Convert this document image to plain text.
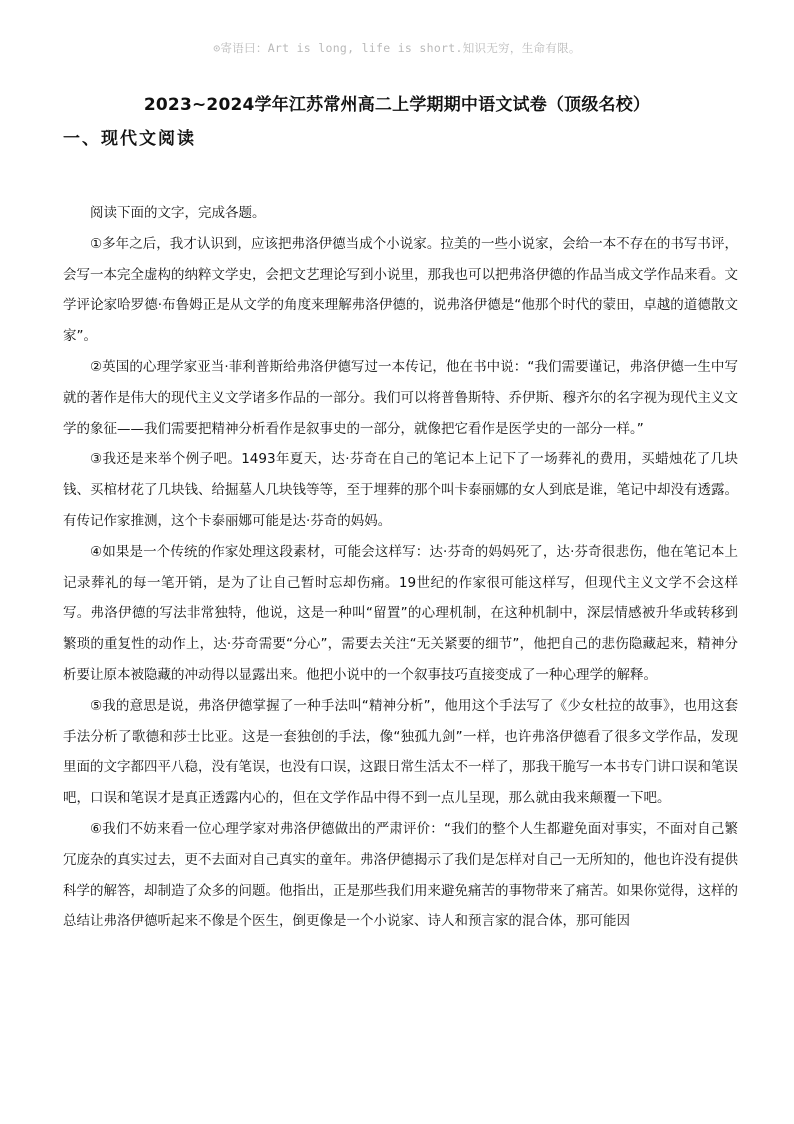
⊙寄语曰：Art is long, life is short.知识无穷，生命有限。
2023~2024学年江苏常州高二上学期期中语文试卷（顶级名校）
一、现代文阅读

阅读下面的文字，完成各题。

①多年之后，我才认识到，应该把弗洛伊德当成个小说家。拉美的一些小说家，会给一本不存在的书写书评，会写一本完全虚构的纳粹文学史，会把文艺理论写到小说里，那我也可以把弗洛伊德的作品当成文学作品来看。文学评论家哈罗德·布鲁姆正是从文学的角度来理解弗洛伊德的，说弗洛伊德是“他那个时代的蒙田，卓越的道德散文家”。

②英国的心理学家亚当·菲利普斯给弗洛伊德写过一本传记，他在书中说：“我们需要谨记，弗洛伊德一生中写就的著作是伟大的现代主义文学诸多作品的一部分。我们可以将普鲁斯特、乔伊斯、穆齐尔的名字视为现代主义文学的象征——我们需要把精神分析看作是叙事史的一部分，就像把它看作是医学史的一部分一样。”

③我还是来举个例子吧。1493年夏天，达·芬奇在自己的笔记本上记下了一场葬礼的费用，买蜡烛花了几块钱、买棺材花了几块钱、给掘墓人几块钱等等，至于埋葬的那个叫卡泰丽娜的女人到底是谁，笔记中却没有透露。有传记作家推测，这个卡泰丽娜可能是达·芬奇的妈妈。

④如果是一个传统的作家处理这段素材，可能会这样写：达·芬奇的妈妈死了，达·芬奇很悲伤，他在笔记本上记录葬礼的每一笔开销，是为了让自己暂时忘却伤痛。19世纪的作家很可能这样写，但现代主义文学不会这样写。弗洛伊德的写法非常独特，他说，这是一种叫“留置”的心理机制，在这种机制中，深层情感被升华或转移到繁琐的重复性的动作上，达·芬奇需要“分心”，需要去关注“无关紧要的细节”，他把自己的悲伤隐藏起来，精神分析要让原本被隐藏的冲动得以显露出来。他把小说中的一个叙事技巧直接变成了一种心理学的解释。

⑤我的意思是说，弗洛伊德掌握了一种手法叫“精神分析”，他用这个手法写了《少女杜拉的故事》，也用这套手法分析了歌德和莎士比亚。这是一套独创的手法，像“独孤九剑”一样，也许弗洛伊德看了很多文学作品，发现里面的文字都四平八稳，没有笔误，也没有口误，这跟日常生活太不一样了，那我干脆写一本书专门讲口误和笔误吧，口误和笔误才是真正透露内心的，但在文学作品中得不到一点儿呈现，那么就由我来颠覆一下吧。

⑥我们不妨来看一位心理学家对弗洛伊德做出的严肃评价：“我们的整个人生都避免面对事实，不面对自己繁冗庞杂的真实过去，更不去面对自己真实的童年。弗洛伊德揭示了我们是怎样对自己一无所知的，他也许没有提供科学的解答，却制造了众多的问题。他指出，正是那些我们用来避免痛苦的事物带来了痛苦。如果你觉得，这样的总结让弗洛伊德听起来不像是个医生，倒更像是一个小说家、诗人和预言家的混合体，那可能因
